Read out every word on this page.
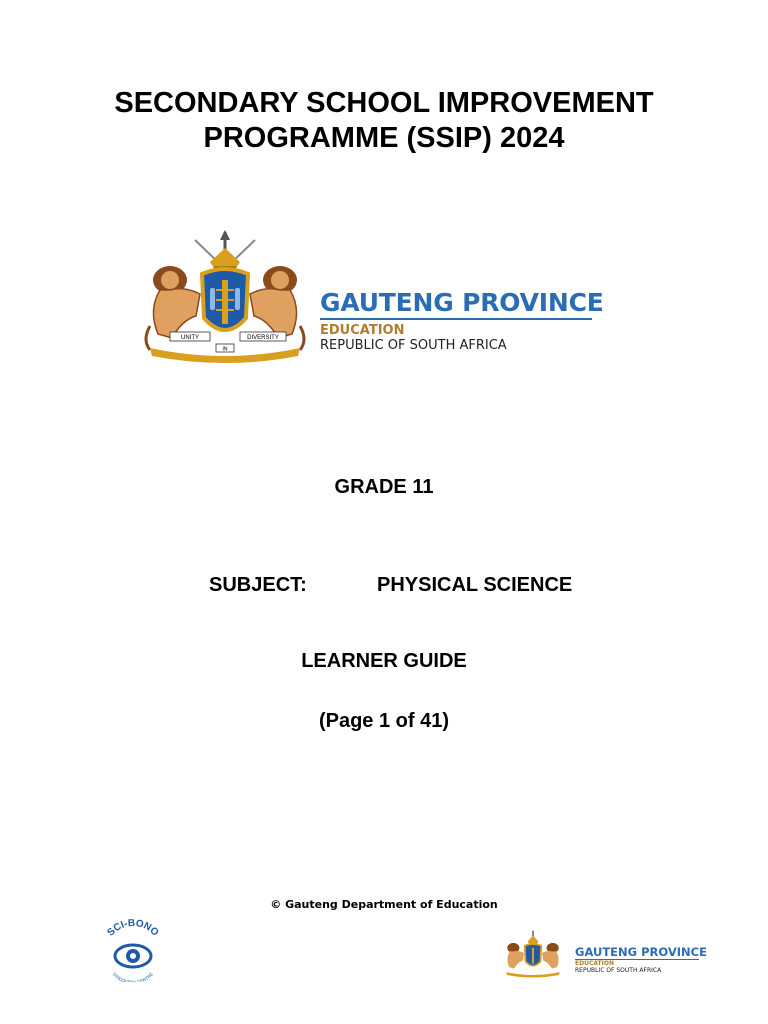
SECONDARY SCHOOL IMPROVEMENT
PROGRAMME (SSIP) 2024
UNITY
IN
DIVERSITY
GAUTENG PROVINCE
EDUCATION
REPUBLIC OF SOUTH AFRICA
GRADE 11
SUBJECT:	PHYSICAL SCIENCE
LEARNER GUIDE
(Page 1 of 41)
© Gauteng Department of Education
SCI-BONO
DISCOV CENTRE
GAUTENG PROVINCE
EDUCATION
REPUBLIC OF SOUTH AFRICA
